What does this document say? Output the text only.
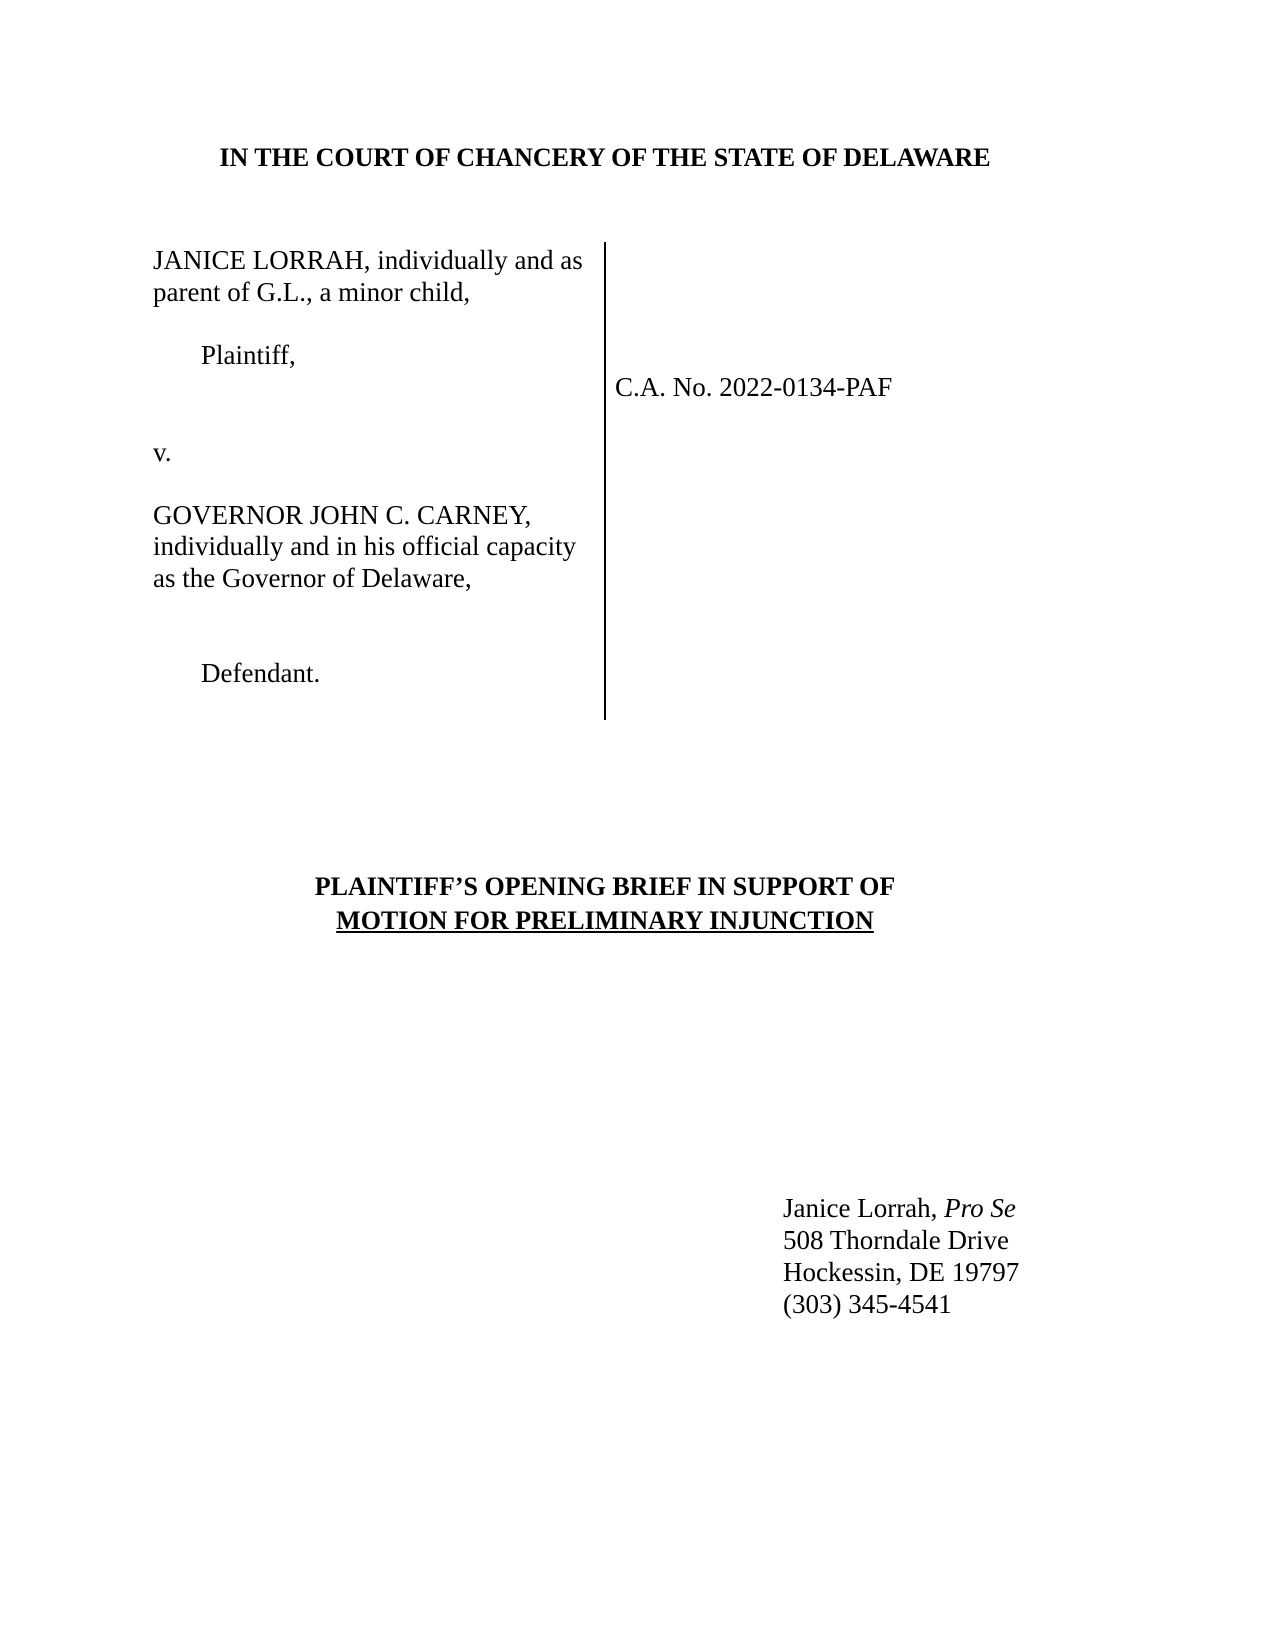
IN THE COURT OF CHANCERY OF THE STATE OF DELAWARE
JANICE LORRAH, individually and as
parent of G.L., a minor child,
Plaintiff,
v.
GOVERNOR JOHN C. CARNEY,
individually and in his official capacity
as the Governor of Delaware,
Defendant.
C.A. No. 2022-0134-PAF
PLAINTIFF’S OPENING BRIEF IN SUPPORT OF
MOTION FOR PRELIMINARY INJUNCTION
Janice Lorrah, Pro Se
508 Thorndale Drive
Hockessin, DE 19797
(303) 345-4541
